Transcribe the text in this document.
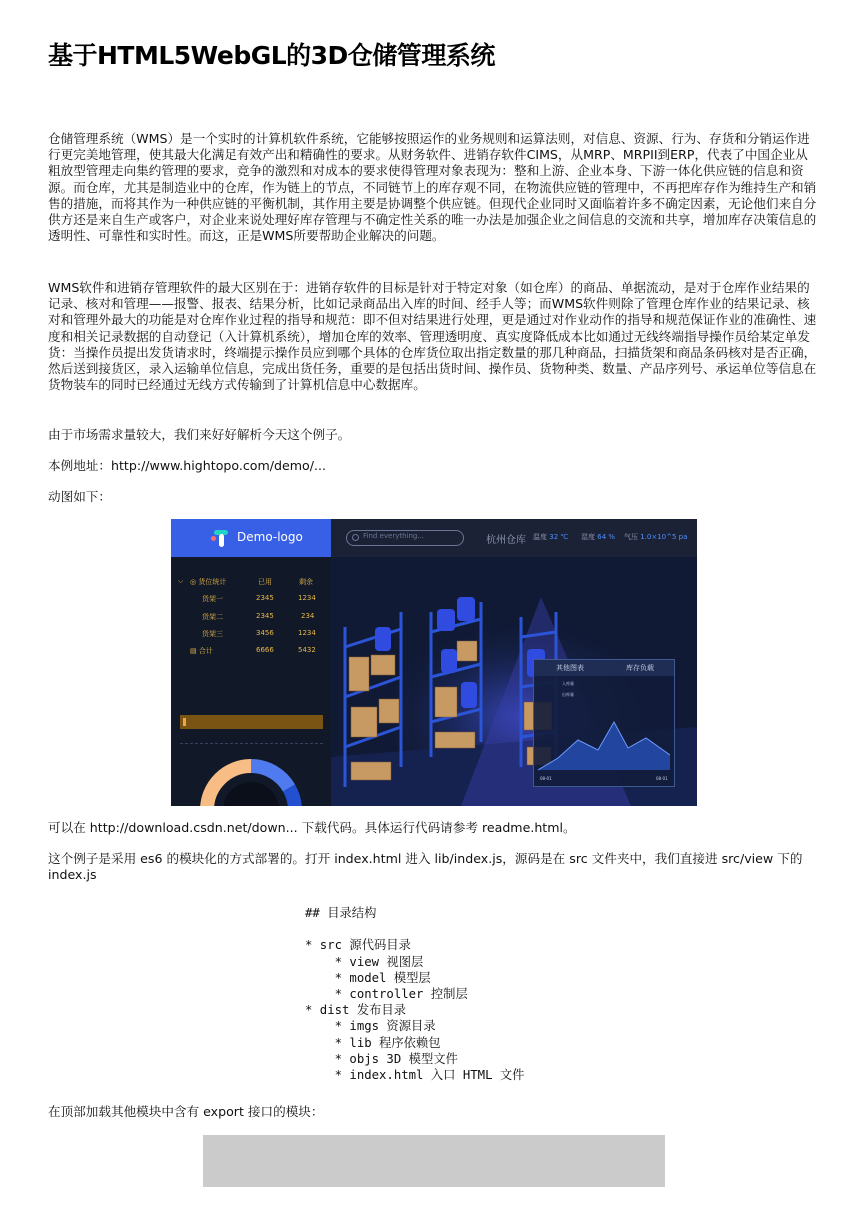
基于HTML5WebGL的3D仓储管理系统

仓储管理系统（WMS）是一个实时的计算机软件系统，它能够按照运作的业务规则和运算法则，对信息、资源、行为、存货和分销运作进行更完美地管理，使其最大化满足有效产出和精确性的要求。从财务软件、进销存软件CIMS，从MRP、MRPII到ERP，代表了中国企业从粗放型管理走向集约管理的要求，竞争的激烈和对成本的要求使得管理对象表现为：整和上游、企业本身、下游一体化供应链的信息和资源。而仓库，尤其是制造业中的仓库，作为链上的节点，不同链节上的库存观不同，在物流供应链的管理中，不再把库存作为维持生产和销售的措施，而将其作为一种供应链的平衡机制，其作用主要是协调整个供应链。但现代企业同时又面临着许多不确定因素，无论他们来自分供方还是来自生产或客户，对企业来说处理好库存管理与不确定性关系的唯一办法是加强企业之间信息的交流和共享，增加库存决策信息的透明性、可靠性和实时性。而这，正是WMS所要帮助企业解决的问题。

WMS软件和进销存管理软件的最大区别在于：进销存软件的目标是针对于特定对象（如仓库）的商品、单据流动，是对于仓库作业结果的记录、核对和管理——报警、报表、结果分析，比如记录商品出入库的时间、经手人等；而WMS软件则除了管理仓库作业的结果记录、核对和管理外最大的功能是对仓库作业过程的指导和规范：即不但对结果进行处理，更是通过对作业动作的指导和规范保证作业的准确性、速度和相关记录数据的自动登记（入计算机系统），增加仓库的效率、管理透明度、真实度降低成本比如通过无线终端指导操作员给某定单发货：当操作员提出发货请求时，终端提示操作员应到哪个具体的仓库货位取出指定数量的那几种商品，扫描货架和商品条码核对是否正确，然后送到接货区，录入运输单位信息，完成出货任务，重要的是包括出货时间、操作员、货物种类、数量、产品序列号、承运单位等信息在货物装车的同时已经通过无线方式传输到了计算机信息中心数据库。

由于市场需求量较大，我们来好好解析今天这个例子。

本例地址：http://www.hightopo.com/demo/...

动图如下：

Demo-logo	Find everything...	杭州仓库 温度 32 ℃ 湿度 64 % 气压 1.0×10^5 pa
⌵ ◎ 货位统计	已用	剩余
货架一	2345	1234
货架二	2345	234
货架三	3456	1234
▤ 合计	6666	5432
其他图表	库存负载
入库量
出库量
08-01	08-01

可以在 http://download.csdn.net/down... 下载代码。具体运行代码请参考 readme.html。

这个例子是采用 es6 的模块化的方式部署的。打开 index.html 进入 lib/index.js，源码是在 src 文件夹中，我们直接进 src/view 下的 index.js

## 目录结构

* src 源代码目录
* view 视图层
* model 模型层
* controller 控制层
* dist 发布目录
* imgs 资源目录
* lib 程序依赖包
* objs 3D 模型文件
* index.html 入口 HTML 文件

在顶部加载其他模块中含有 export 接口的模块：
